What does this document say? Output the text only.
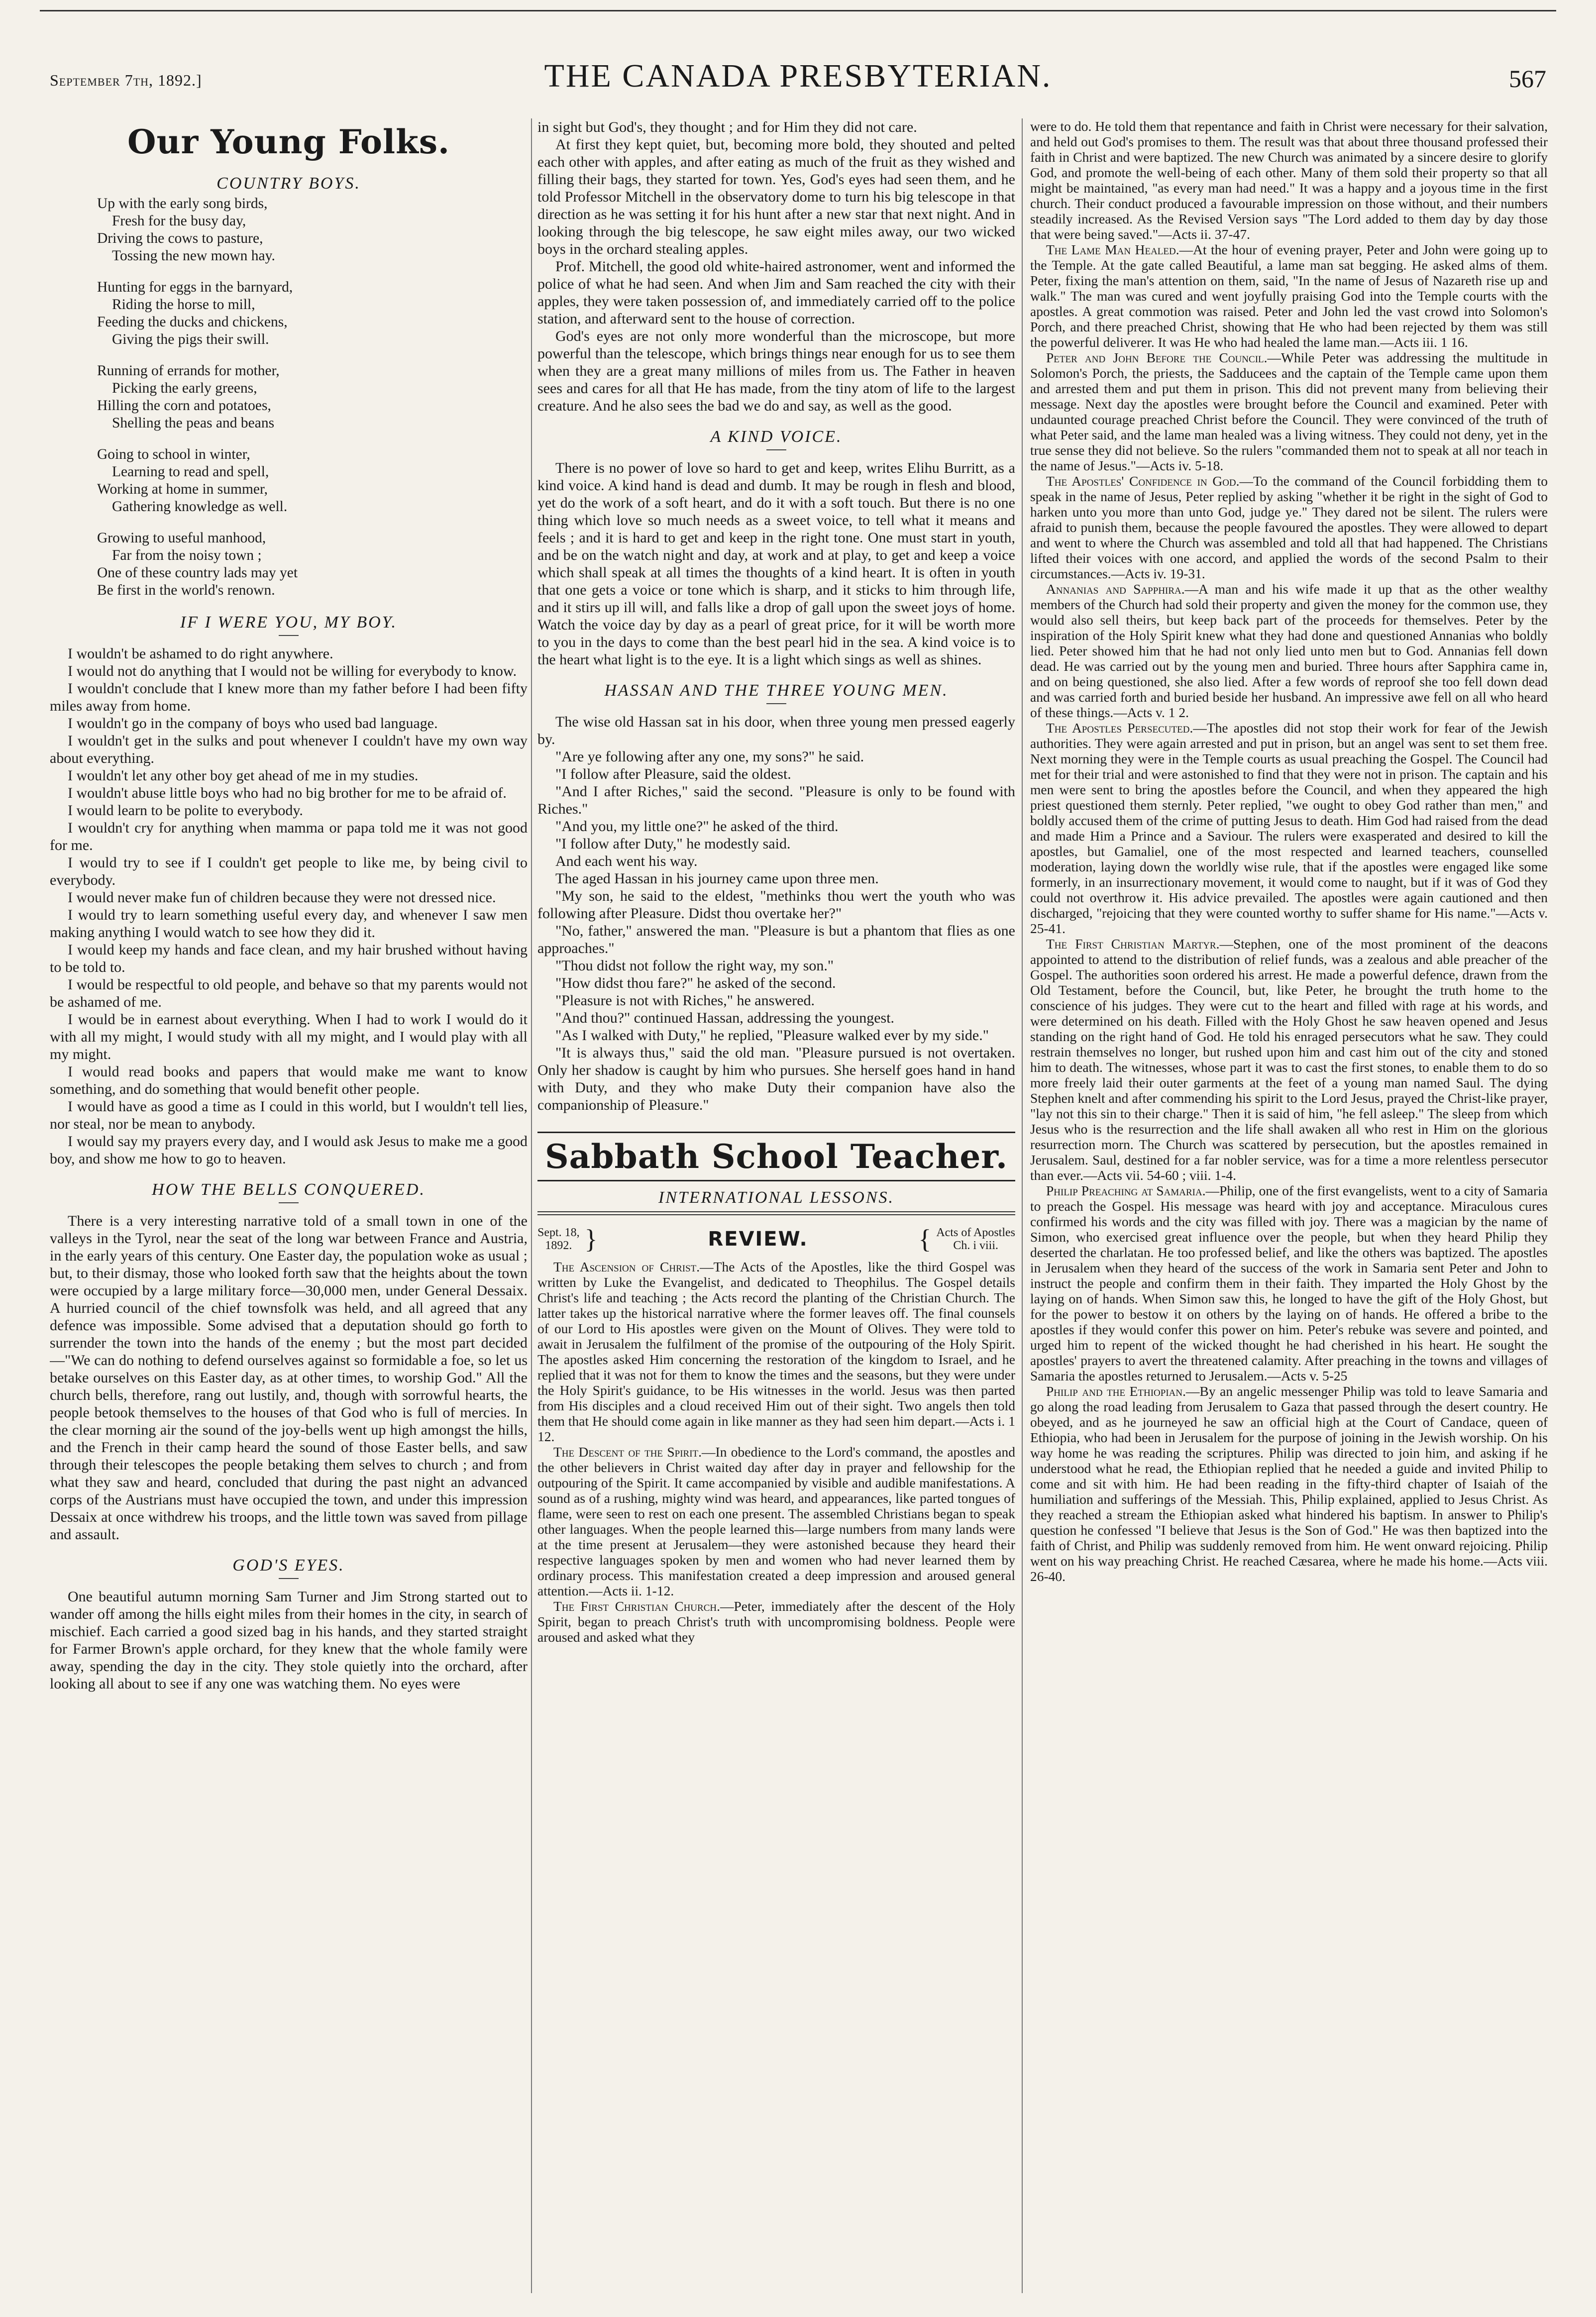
September 7th, 1892.]	THE CANADA PRESBYTERIAN.	567
Our Young Folks.
COUNTRY BOYS.
Up with the early song birds,
Fresh for the busy day,
Driving the cows to pasture,
Tossing the new mown hay.
Hunting for eggs in the barnyard,
Riding the horse to mill,
Feeding the ducks and chickens,
Giving the pigs their swill.
Running of errands for mother,
Picking the early greens,
Hilling the corn and potatoes,
Shelling the peas and beans
Going to school in winter,
Learning to read and spell,
Working at home in summer,
Gathering knowledge as well.
Growing to useful manhood,
Far from the noisy town ;
One of these country lads may yet
Be first in the world's renown.
IF I WERE YOU, MY BOY.

I wouldn't be ashamed to do right anywhere.

I would not do anything that I would not be willing for everybody to know.

I wouldn't conclude that I knew more than my father before I had been fifty miles away from home.

I wouldn't go in the company of boys who used bad language.

I wouldn't get in the sulks and pout whenever I couldn't have my own way about everything.

I wouldn't let any other boy get ahead of me in my studies.

I wouldn't abuse little boys who had no big brother for me to be afraid of.

I would learn to be polite to everybody.

I wouldn't cry for anything when mamma or papa told me it was not good for me.

I would try to see if I couldn't get people to like me, by being civil to everybody.

I would never make fun of children because they were not dressed nice.

I would try to learn something useful every day, and whenever I saw men making anything I would watch to see how they did it.

I would keep my hands and face clean, and my hair brushed without having to be told to.

I would be respectful to old people, and behave so that my parents would not be ashamed of me.

I would be in earnest about everything. When I had to work I would do it with all my might, I would study with all my might, and I would play with all my might.

I would read books and papers that would make me want to know something, and do something that would benefit other people.

I would have as good a time as I could in this world, but I wouldn't tell lies, nor steal, nor be mean to anybody.

I would say my prayers every day, and I would ask Jesus to make me a good boy, and show me how to go to heaven.

HOW THE BELLS CONQUERED.

There is a very interesting narrative told of a small town in one of the valleys in the Tyrol, near the seat of the long war between France and Austria, in the early years of this century. One Easter day, the population woke as usual ; but, to their dismay, those who looked forth saw that the heights about the town were occupied by a large military force—30,000 men, under General Dessaix. A hurried council of the chief townsfolk was held, and all agreed that any defence was impossible. Some advised that a deputation should go forth to surrender the town into the hands of the enemy ; but the most part decided—"We can do nothing to defend ourselves against so formidable a foe, so let us betake ourselves on this Easter day, as at other times, to worship God." All the church bells, therefore, rang out lustily, and, though with sorrowful hearts, the people betook themselves to the houses of that God who is full of mercies. In the clear morning air the sound of the joy-bells went up high amongst the hills, and the French in their camp heard the sound of those Easter bells, and saw through their telescopes the people betaking them selves to church ; and from what they saw and heard, concluded that during the past night an advanced corps of the Austrians must have occupied the town, and under this impression Dessaix at once withdrew his troops, and the little town was saved from pillage and assault.

GOD'S EYES.

One beautiful autumn morning Sam Turner and Jim Strong started out to wander off among the hills eight miles from their homes in the city, in search of mischief. Each carried a good sized bag in his hands, and they started straight for Farmer Brown's apple orchard, for they knew that the whole family were away, spending the day in the city. They stole quietly into the orchard, after looking all about to see if any one was watching them. No eyes were

in sight but God's, they thought ; and for Him they did not care.

At first they kept quiet, but, becoming more bold, they shouted and pelted each other with apples, and after eating as much of the fruit as they wished and filling their bags, they started for town. Yes, God's eyes had seen them, and he told Professor Mitchell in the observatory dome to turn his big telescope in that direction as he was setting it for his hunt after a new star that next night. And in looking through the big telescope, he saw eight miles away, our two wicked boys in the orchard stealing apples.

Prof. Mitchell, the good old white-haired astronomer, went and informed the police of what he had seen. And when Jim and Sam reached the city with their apples, they were taken possession of, and immediately carried off to the police station, and afterward sent to the house of correction.

God's eyes are not only more wonderful than the microscope, but more powerful than the telescope, which brings things near enough for us to see them when they are a great many millions of miles from us. The Father in heaven sees and cares for all that He has made, from the tiny atom of life to the largest creature. And he also sees the bad we do and say, as well as the good.

A KIND VOICE.

There is no power of love so hard to get and keep, writes Elihu Burritt, as a kind voice. A kind hand is dead and dumb. It may be rough in flesh and blood, yet do the work of a soft heart, and do it with a soft touch. But there is no one thing which love so much needs as a sweet voice, to tell what it means and feels ; and it is hard to get and keep in the right tone. One must start in youth, and be on the watch night and day, at work and at play, to get and keep a voice which shall speak at all times the thoughts of a kind heart. It is often in youth that one gets a voice or tone which is sharp, and it sticks to him through life, and it stirs up ill will, and falls like a drop of gall upon the sweet joys of home. Watch the voice day by day as a pearl of great price, for it will be worth more to you in the days to come than the best pearl hid in the sea. A kind voice is to the heart what light is to the eye. It is a light which sings as well as shines.

HASSAN AND THE THREE YOUNG MEN.

The wise old Hassan sat in his door, when three young men pressed eagerly by.

"Are ye following after any one, my sons?" he said.

"I follow after Pleasure, said the oldest.

"And I after Riches," said the second. "Pleasure is only to be found with Riches."

"And you, my little one?" he asked of the third.

"I follow after Duty," he modestly said.

And each went his way.

The aged Hassan in his journey came upon three men.

"My son, he said to the eldest, "methinks thou wert the youth who was following after Pleasure. Didst thou overtake her?"

"No, father," answered the man. "Pleasure is but a phantom that flies as one approaches."

"Thou didst not follow the right way, my son."

"How didst thou fare?" he asked of the second.

"Pleasure is not with Riches," he answered.

"And thou?" continued Hassan, addressing the youngest.

"As I walked with Duty," he replied, "Pleasure walked ever by my side."

"It is always thus," said the old man. "Pleasure pursued is not overtaken. Only her shadow is caught by him who pursues. She herself goes hand in hand with Duty, and they who make Duty their companion have also the companionship of Pleasure."

Sabbath School Teacher.
INTERNATIONAL LESSONS.
Sept. 18,
1892. }	REVIEW.	{ Acts of Apostles
Ch. i viii.

The Ascension of Christ.—The Acts of the Apostles, like the third Gospel was written by Luke the Evangelist, and dedicated to Theophilus. The Gospel details Christ's life and teaching ; the Acts record the planting of the Christian Church. The latter takes up the historical narrative where the former leaves off. The final counsels of our Lord to His apostles were given on the Mount of Olives. They were told to await in Jerusalem the fulfilment of the promise of the outpouring of the Holy Spirit. The apostles asked Him concerning the restoration of the kingdom to Israel, and he replied that it was not for them to know the times and the seasons, but they were under the Holy Spirit's guidance, to be His witnesses in the world. Jesus was then parted from His disciples and a cloud received Him out of their sight. Two angels then told them that He should come again in like manner as they had seen him depart.—Acts i. 1 12.

The Descent of the Spirit.—In obedience to the Lord's command, the apostles and the other believers in Christ waited day after day in prayer and fellowship for the outpouring of the Spirit. It came accompanied by visible and audible manifestations. A sound as of a rushing, mighty wind was heard, and appearances, like parted tongues of flame, were seen to rest on each one present. The assembled Christians began to speak other languages. When the people learned this—large numbers from many lands were at the time present at Jerusalem—they were astonished because they heard their respective languages spoken by men and women who had never learned them by ordinary process. This manifestation created a deep impression and aroused general attention.—Acts ii. 1-12.

The First Christian Church.—Peter, immediately after the descent of the Holy Spirit, began to preach Christ's truth with uncompromising boldness. People were aroused and asked what they

were to do. He told them that repentance and faith in Christ were necessary for their salvation, and held out God's promises to them. The result was that about three thousand professed their faith in Christ and were baptized. The new Church was animated by a sincere desire to glorify God, and promote the well-being of each other. Many of them sold their property so that all might be maintained, "as every man had need." It was a happy and a joyous time in the first church. Their conduct produced a favourable impression on those without, and their numbers steadily increased. As the Revised Version says "The Lord added to them day by day those that were being saved."—Acts ii. 37-47.

The Lame Man Healed.—At the hour of evening prayer, Peter and John were going up to the Temple. At the gate called Beautiful, a lame man sat begging. He asked alms of them. Peter, fixing the man's attention on them, said, "In the name of Jesus of Nazareth rise up and walk." The man was cured and went joyfully praising God into the Temple courts with the apostles. A great commotion was raised. Peter and John led the vast crowd into Solomon's Porch, and there preached Christ, showing that He who had been rejected by them was still the powerful deliverer. It was He who had healed the lame man.—Acts iii. 1 16.

Peter and John Before the Council.—While Peter was addressing the multitude in Solomon's Porch, the priests, the Sadducees and the captain of the Temple came upon them and arrested them and put them in prison. This did not prevent many from believing their message. Next day the apostles were brought before the Council and examined. Peter with undaunted courage preached Christ before the Council. They were convinced of the truth of what Peter said, and the lame man healed was a living witness. They could not deny, yet in the true sense they did not believe. So the rulers "commanded them not to speak at all nor teach in the name of Jesus."—Acts iv. 5-18.

The Apostles' Confidence in God.—To the command of the Council forbidding them to speak in the name of Jesus, Peter replied by asking "whether it be right in the sight of God to harken unto you more than unto God, judge ye." They dared not be silent. The rulers were afraid to punish them, because the people favoured the apostles. They were allowed to depart and went to where the Church was assembled and told all that had happened. The Christians lifted their voices with one accord, and applied the words of the second Psalm to their circumstances.—Acts iv. 19-31.

Annanias and Sapphira.—A man and his wife made it up that as the other wealthy members of the Church had sold their property and given the money for the common use, they would also sell theirs, but keep back part of the proceeds for themselves. Peter by the inspiration of the Holy Spirit knew what they had done and questioned Annanias who boldly lied. Peter showed him that he had not only lied unto men but to God. Annanias fell down dead. He was carried out by the young men and buried. Three hours after Sapphira came in, and on being questioned, she also lied. After a few words of reproof she too fell down dead and was carried forth and buried beside her husband. An impressive awe fell on all who heard of these things.—Acts v. 1 2.

The Apostles Persecuted.—The apostles did not stop their work for fear of the Jewish authorities. They were again arrested and put in prison, but an angel was sent to set them free. Next morning they were in the Temple courts as usual preaching the Gospel. The Council had met for their trial and were astonished to find that they were not in prison. The captain and his men were sent to bring the apostles before the Council, and when they appeared the high priest questioned them sternly. Peter replied, "we ought to obey God rather than men," and boldly accused them of the crime of putting Jesus to death. Him God had raised from the dead and made Him a Prince and a Saviour. The rulers were exasperated and desired to kill the apostles, but Gamaliel, one of the most respected and learned teachers, counselled moderation, laying down the worldly wise rule, that if the apostles were engaged like some formerly, in an insurrectionary movement, it would come to naught, but if it was of God they could not overthrow it. His advice prevailed. The apostles were again cautioned and then discharged, "rejoicing that they were counted worthy to suffer shame for His name."—Acts v. 25-41.

The First Christian Martyr.—Stephen, one of the most prominent of the deacons appointed to attend to the distribution of relief funds, was a zealous and able preacher of the Gospel. The authorities soon ordered his arrest. He made a powerful defence, drawn from the Old Testament, before the Council, but, like Peter, he brought the truth home to the conscience of his judges. They were cut to the heart and filled with rage at his words, and were determined on his death. Filled with the Holy Ghost he saw heaven opened and Jesus standing on the right hand of God. He told his enraged persecutors what he saw. They could restrain themselves no longer, but rushed upon him and cast him out of the city and stoned him to death. The witnesses, whose part it was to cast the first stones, to enable them to do so more freely laid their outer garments at the feet of a young man named Saul. The dying Stephen knelt and after commending his spirit to the Lord Jesus, prayed the Christ-like prayer, "lay not this sin to their charge." Then it is said of him, "he fell asleep." The sleep from which Jesus who is the resurrection and the life shall awaken all who rest in Him on the glorious resurrection morn. The Church was scattered by persecution, but the apostles remained in Jerusalem. Saul, destined for a far nobler service, was for a time a more relentless persecutor than ever.—Acts vii. 54-60 ; viii. 1-4.

Philip Preaching at Samaria.—Philip, one of the first evangelists, went to a city of Samaria to preach the Gospel. His message was heard with joy and acceptance. Miraculous cures confirmed his words and the city was filled with joy. There was a magician by the name of Simon, who exercised great influence over the people, but when they heard Philip they deserted the charlatan. He too professed belief, and like the others was baptized. The apostles in Jerusalem when they heard of the success of the work in Samaria sent Peter and John to instruct the people and confirm them in their faith. They imparted the Holy Ghost by the laying on of hands. When Simon saw this, he longed to have the gift of the Holy Ghost, but for the power to bestow it on others by the laying on of hands. He offered a bribe to the apostles if they would confer this power on him. Peter's rebuke was severe and pointed, and urged him to repent of the wicked thought he had cherished in his heart. He sought the apostles' prayers to avert the threatened calamity. After preaching in the towns and villages of Samaria the apostles returned to Jerusalem.—Acts v. 5-25

Philip and the Ethiopian.—By an angelic messenger Philip was told to leave Samaria and go along the road leading from Jerusalem to Gaza that passed through the desert country. He obeyed, and as he journeyed he saw an official high at the Court of Candace, queen of Ethiopia, who had been in Jerusalem for the purpose of joining in the Jewish worship. On his way home he was reading the scriptures. Philip was directed to join him, and asking if he understood what he read, the Ethiopian replied that he needed a guide and invited Philip to come and sit with him. He had been reading in the fifty-third chapter of Isaiah of the humiliation and sufferings of the Messiah. This, Philip explained, applied to Jesus Christ. As they reached a stream the Ethiopian asked what hindered his baptism. In answer to Philip's question he confessed "I believe that Jesus is the Son of God." He was then baptized into the faith of Christ, and Philip was suddenly removed from him. He went onward rejoicing. Philip went on his way preaching Christ. He reached Cæsarea, where he made his home.—Acts viii. 26-40.
